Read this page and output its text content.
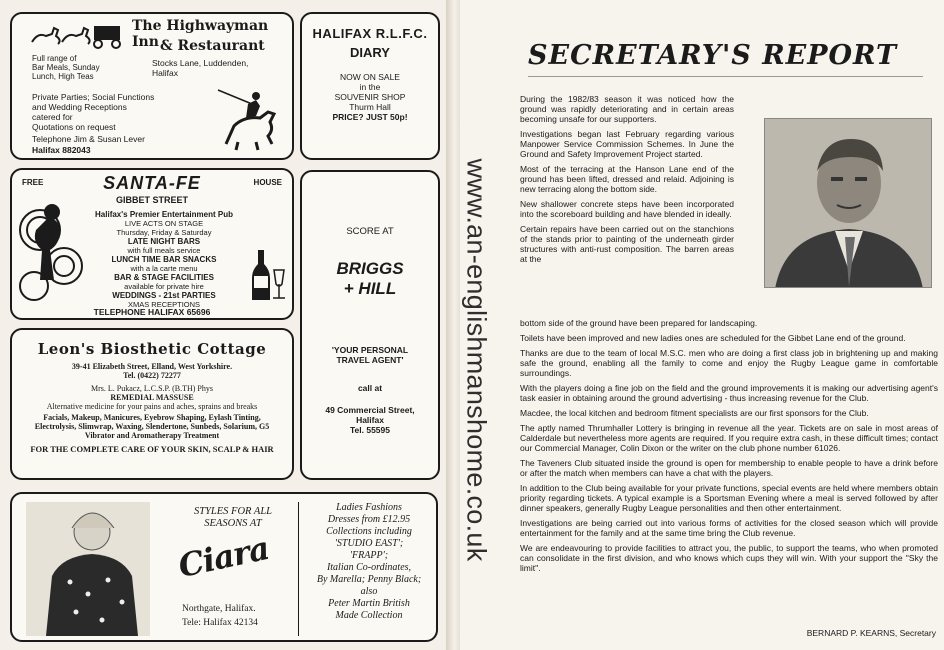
The Highwayman Inn & Restaurant
Full range of
Bar Meals, Sunday
Lunch, High Teas
Stocks Lane, Luddenden,
Halifax
Private Parties; Social Functions
and Wedding Receptions
catered for
Quotations on request
Telephone Jim & Susan Lever
Halifax 882043
HALIFAX R.L.F.C.
DIARY
NOW ON SALE
in the
SOUVENIR SHOP
Thurm Hall
PRICE? JUST 50p!
FREE	HOUSE
SANTA-FE
GIBBET STREET
Halifax's Premier Entertainment Pub
LIVE ACTS ON STAGE
Thursday, Friday & Saturday
LATE NIGHT BARS
with full meals service
LUNCH TIME BAR SNACKS
with a la carte menu
BAR & STAGE FACILITIES
available for private hire
WEDDINGS - 21st PARTIES
XMAS RECEPTIONS
TELEPHONE HALIFAX 65696
Leon's Biosthetic Cottage
39-41 Elizabeth Street, Elland, West Yorkshire.
Tel. (0422) 72277
Mrs. L. Pukacz, L.C.S.P. (B.TH) Phys
REMEDIAL MASSUSE
Alternative medicine for your pains and aches, sprains and breaks
Facials, Makeup, Manicures, Eyebrow Shaping, Eylash Tinting, Electrolysis, Slimwrap, Waxing, Slendertone, Sunbeds, Solarium, G5 Vibrator and Aromatherapy Treatment
FOR THE COMPLETE CARE OF YOUR SKIN, SCALP & HAIR
SCORE AT
BRIGGS
+ HILL
'YOUR PERSONAL
TRAVEL AGENT'
call at
49 Commercial Street,
Halifax
Tel. 55595
STYLES FOR ALL
SEASONS AT
Ciara
Northgate, Halifax.
Tele: Halifax 42134
Ladies Fashions
Dresses from £12.95
Collections including
'STUDIO EAST';
'FRAPP';
Italian Co-ordinates,
By Marella; Penny Black;
also
Peter Martin British
Made Collection
www.an-englishmanshome.co.uk
SECRETARY'S REPORT

During the 1982/83 season it was noticed how the ground was rapidly deteriorating and in certain areas becoming unsafe for our supporters.

Investigations began last February regarding various Manpower Service Commission Schemes. In June the Ground and Safety Improvement Project started.

Most of the terracing at the Hanson Lane end of the ground has been lifted, dressed and relaid. Adjoining is new terracing along the bottom side.

New shallower concrete steps have been incorporated into the scoreboard building and have blended in ideally.

Certain repairs have been carried out on the stanchions of the stands prior to painting of the underneath girder structures with anti-rust composition. The barren areas at the

bottom side of the ground have been prepared for landscaping.

Toilets have been improved and new ladies ones are scheduled for the Gibbet Lane end of the ground.

Thanks are due to the team of local M.S.C. men who are doing a first class job in brightening up and making safe the ground, enabling all the family to come and enjoy the Rugby League game in comfortable surroundings.

With the players doing a fine job on the field and the ground improvements it is making our advertising agent's task easier in obtaining around the ground advertising - thus increasing revenue for the Club.

Macdee, the local kitchen and bedroom fitment specialists are our first sponsors for the Club.

The aptly named Thrumhaller Lottery is bringing in revenue all the year. Tickets are on sale in most areas of Calderdale but nevertheless more agents are required. If you require extra cash, in these difficult times; contact our Commercial Manager, Colin Dixon or the writer on the club phone number 61026.

The Taveners Club situated inside the ground is open for membership to enable people to have a drink before or after the match when members can have a chat with the players.

In addition to the Club being available for your private functions, special events are held where members obtain priority regarding tickets. A typical example is a Sportsman Evening where a meal is served followed by after dinner speakers, generally Rugby League personalities and then other entertainment.

Investigations are being carried out into various forms of activities for the closed season which will provide entertainment for the family and at the same time bring the Club revenue.

We are endeavouring to provide facilities to attract you, the public, to support the teams, who when promoted can consolidate in the first division, and who knows which cups they will win. With your support the ''Sky the limit''.

BERNARD P. KEARNS, Secretary
